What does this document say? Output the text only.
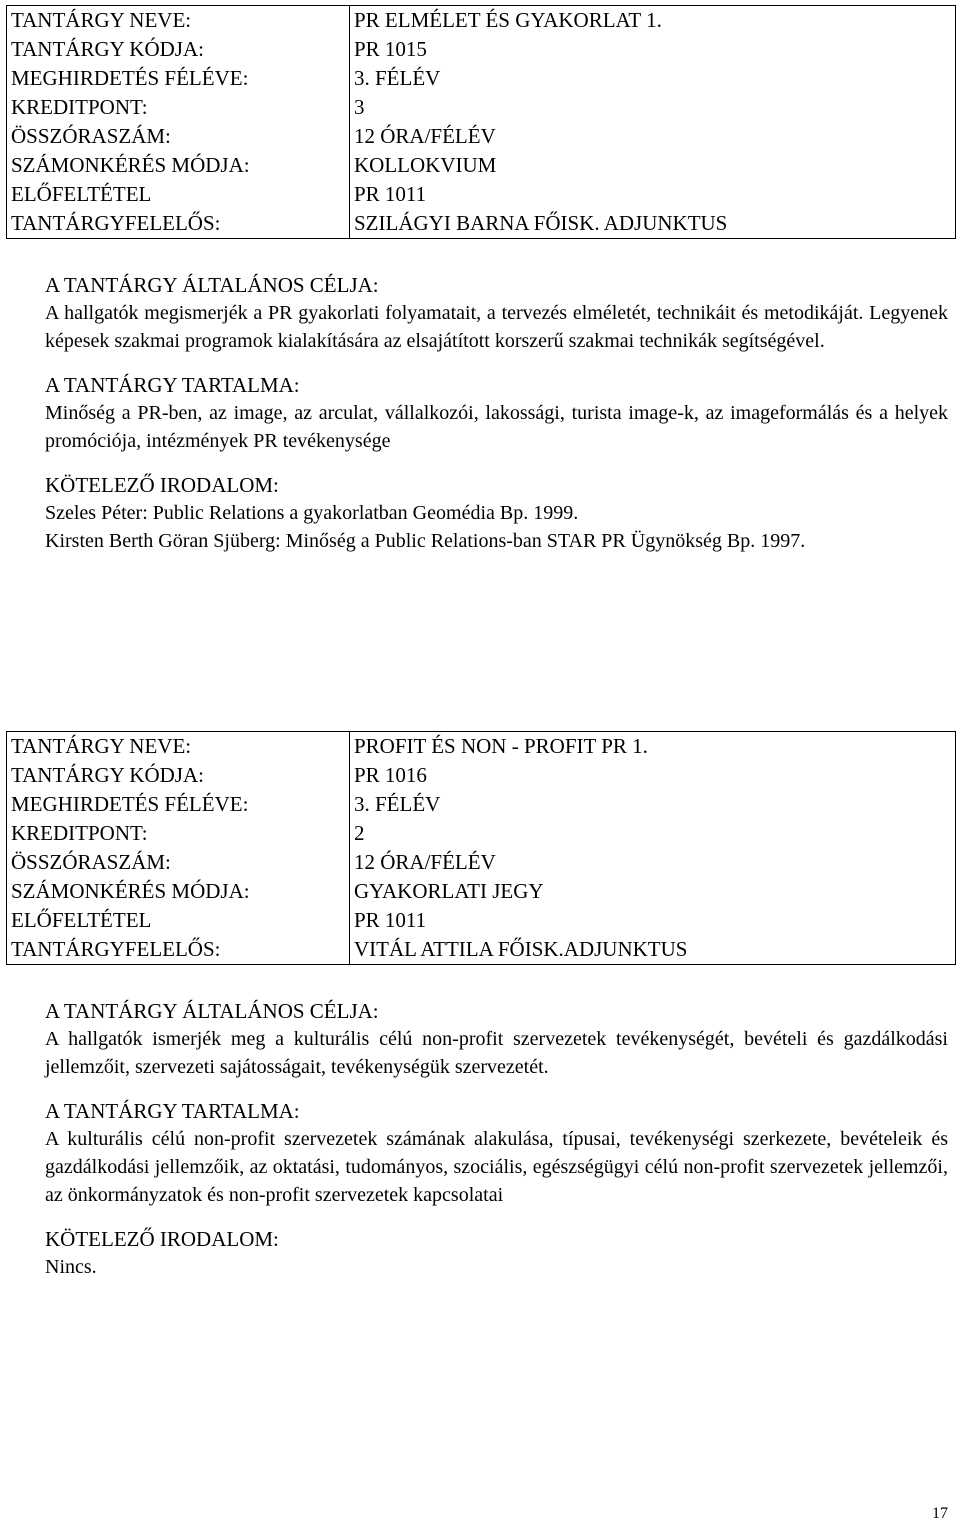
TANTÁRGY NEVE:	PR ELMÉLET ÉS GYAKORLAT 1.
TANTÁRGY KÓDJA:	PR 1015
MEGHIRDETÉS FÉLÉVE:	3. FÉLÉV
KREDITPONT:	3
ÖSSZÓRASZÁM:	12 ÓRA/FÉLÉV
SZÁMONKÉRÉS MÓDJA:	KOLLOKVIUM
ELŐFELTÉTEL	PR 1011
TANTÁRGYFELELŐS:	SZILÁGYI BARNA FŐISK. ADJUNKTUS
A TANTÁRGY ÁLTALÁNOS CÉLJA:

A hallgatók megismerjék a PR gyakorlati folyamatait, a tervezés elméletét, technikáit és metodikáját. Legyenek képesek szakmai programok kialakítására az elsajátított korszerű szakmai technikák segítségével.

A TANTÁRGY TARTALMA:

Minőség a PR-ben, az image, az arculat, vállalkozói, lakossági, turista image-k, az imageformálás és a helyek promóciója, intézmények PR tevékenysége

KÖTELEZŐ IRODALOM:

Szeles Péter: Public Relations a gyakorlatban Geomédia Bp. 1999.

Kirsten Berth Göran Sjüberg: Minőség a Public Relations-ban STAR PR Ügynökség Bp. 1997.

TANTÁRGY NEVE:	PROFIT ÉS NON - PROFIT PR 1.
TANTÁRGY KÓDJA:	PR 1016
MEGHIRDETÉS FÉLÉVE:	3. FÉLÉV
KREDITPONT:	2
ÖSSZÓRASZÁM:	12 ÓRA/FÉLÉV
SZÁMONKÉRÉS MÓDJA:	GYAKORLATI JEGY
ELŐFELTÉTEL	PR 1011
TANTÁRGYFELELŐS:	VITÁL ATTILA FŐISK.ADJUNKTUS
A TANTÁRGY ÁLTALÁNOS CÉLJA:

A hallgatók ismerjék meg a kulturális célú non-profit szervezetek tevékenységét, bevételi és gazdálkodási jellemzőit, szervezeti sajátosságait, tevékenységük szervezetét.

A TANTÁRGY TARTALMA:

A kulturális célú non-profit szervezetek számának alakulása, típusai, tevékenységi szerkezete, bevételeik és gazdálkodási jellemzőik, az oktatási, tudományos, szociális, egészségügyi célú non-profit szervezetek jellemzői, az önkormányzatok és non-profit szervezetek kapcsolatai

KÖTELEZŐ IRODALOM:

Nincs.

17
